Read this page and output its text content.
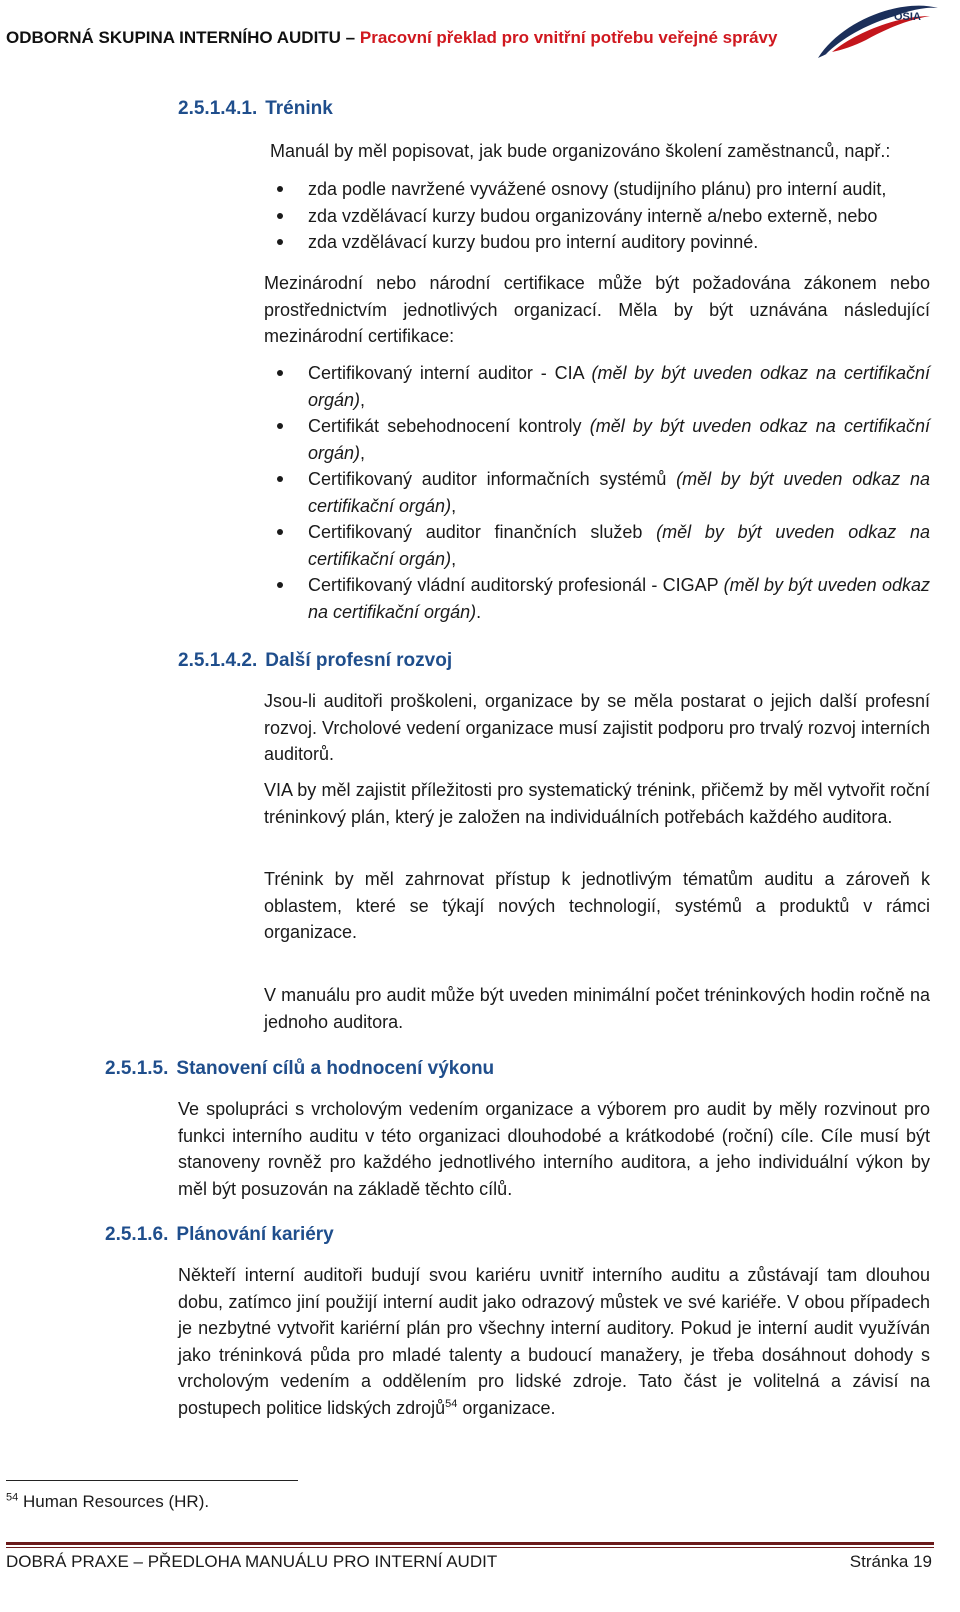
ODBORNÁ SKUPINA INTERNÍHO AUDITU – Pracovní překlad pro vnitřní potřebu veřejné správy
OSIA
2.5.1.4.1. Trénink
Manuál by měl popisovat, jak bude organizováno školení zaměstnanců, např.:
zda podle navržené vyvážené osnovy (studijního plánu) pro interní audit,
zda vzdělávací kurzy budou organizovány interně a/nebo externě, nebo
zda vzdělávací kurzy budou pro interní auditory povinné.
Mezinárodní nebo národní certifikace může být požadována zákonem nebo prostřednictvím jednotlivých organizací. Měla by být uznávána následující mezinárodní certifikace:
Certifikovaný interní auditor - CIA (měl by být uveden odkaz na certifikační orgán),
Certifikát sebehodnocení kontroly (měl by být uveden odkaz na certifikační orgán),
Certifikovaný auditor informačních systémů (měl by být uveden odkaz na certifikační orgán),
Certifikovaný auditor finančních služeb (měl by být uveden odkaz na certifikační orgán),
Certifikovaný vládní auditorský profesionál - CIGAP (měl by být uveden odkaz na certifikační orgán).
2.5.1.4.2. Další profesní rozvoj
Jsou-li auditoři proškoleni, organizace by se měla postarat o jejich další profesní rozvoj. Vrcholové vedení organizace musí zajistit podporu pro trvalý rozvoj interních auditorů.
VIA by měl zajistit příležitosti pro systematický trénink, přičemž by měl vytvořit roční tréninkový plán, který je založen na individuálních potřebách každého auditora.
Trénink by měl zahrnovat přístup k jednotlivým tématům auditu a zároveň k oblastem, které se týkají nových technologií, systémů a produktů v rámci organizace.
V manuálu pro audit může být uveden minimální počet tréninkových hodin ročně na jednoho auditora.
2.5.1.5. Stanovení cílů a hodnocení výkonu
Ve spolupráci s vrcholovým vedením organizace a výborem pro audit by měly rozvinout pro funkci interního auditu v této organizaci dlouhodobé a krátkodobé (roční) cíle. Cíle musí být stanoveny rovněž pro každého jednotlivého interního auditora, a jeho individuální výkon by měl být posuzován na základě těchto cílů.
2.5.1.6. Plánování kariéry
Někteří interní auditoři budují svou kariéru uvnitř interního auditu a zůstávají tam dlouhou dobu, zatímco jiní použijí interní audit jako odrazový můstek ve své kariéře. V obou případech je nezbytné vytvořit kariérní plán pro všechny interní auditory. Pokud je interní audit využíván jako tréninková půda pro mladé talenty a budoucí manažery, je třeba dosáhnout dohody s vrcholovým vedením a oddělením pro lidské zdroje. Tato část je volitelná a závisí na postupech politice lidských zdrojů$^{54}$ organizace.
$^{54}$ Human Resources (HR).
DOBRÁ PRAXE – PŘEDLOHA MANUÁLU PRO INTERNÍ AUDIT	Stránka 19
